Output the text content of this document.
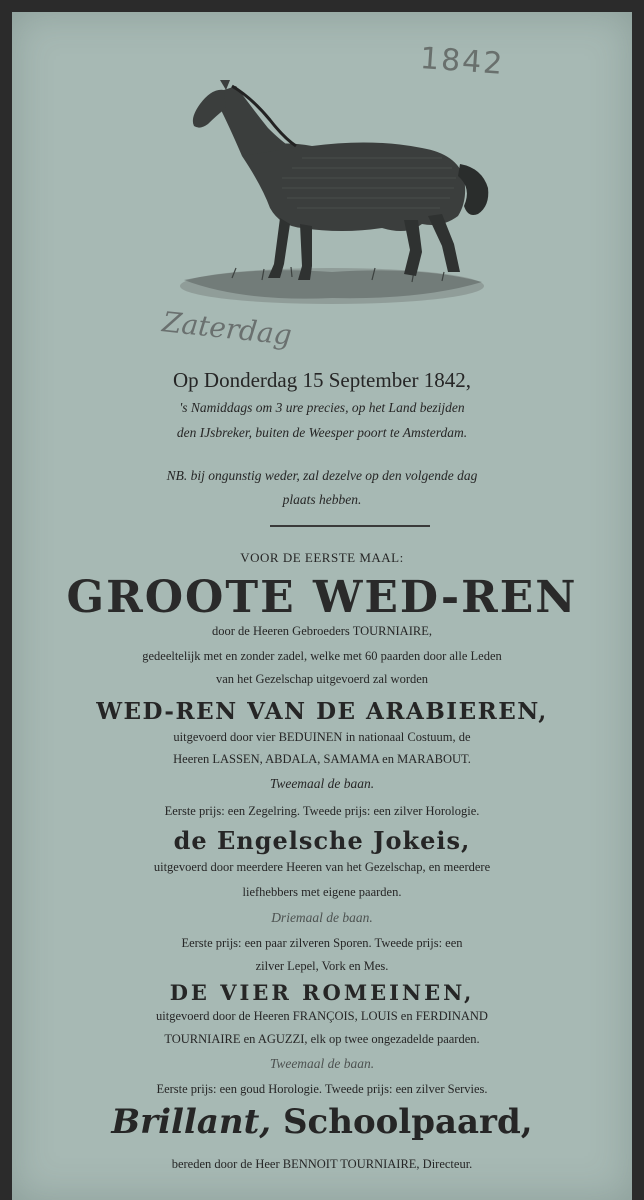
1842
Zaterdag
Op Donderdag 15 September 1842,
's Namiddags om 3 ure precies, op het Land bezijden
den IJsbreker, buiten de Weesper poort te Amsterdam.
NB. bij ongunstig weder, zal dezelve op den volgende dag
plaats hebben.
VOOR DE EERSTE MAAL:
GROOTE WED-REN
door de Heeren Gebroeders TOURNIAIRE,
gedeeltelijk met en zonder zadel, welke met 60 paarden door alle Leden
van het Gezelschap uitgevoerd zal worden
WED-REN VAN DE ARABIEREN,
uitgevoerd door vier BEDUINEN in nationaal Costuum, de
Heeren LASSEN, ABDALA, SAMAMA en MARABOUT.
Tweemaal de baan.
Eerste prijs: een Zegelring. Tweede prijs: een zilver Horologie.
de Engelsche Jokeis,
uitgevoerd door meerdere Heeren van het Gezelschap, en meerdere
liefhebbers met eigene paarden.
Driemaal de baan.
Eerste prijs: een paar zilveren Sporen. Tweede prijs: een
zilver Lepel, Vork en Mes.
DE VIER ROMEINEN,
uitgevoerd door de Heeren FRANÇOIS, LOUIS en FERDINAND
TOURNIAIRE en AGUZZI, elk op twee ongezadelde paarden.
Tweemaal de baan.
Eerste prijs: een goud Horologie. Tweede prijs: een zilver Servies.
Brillant, Schoolpaard,
bereden door de Heer BENNOIT TOURNIAIRE, Directeur.
